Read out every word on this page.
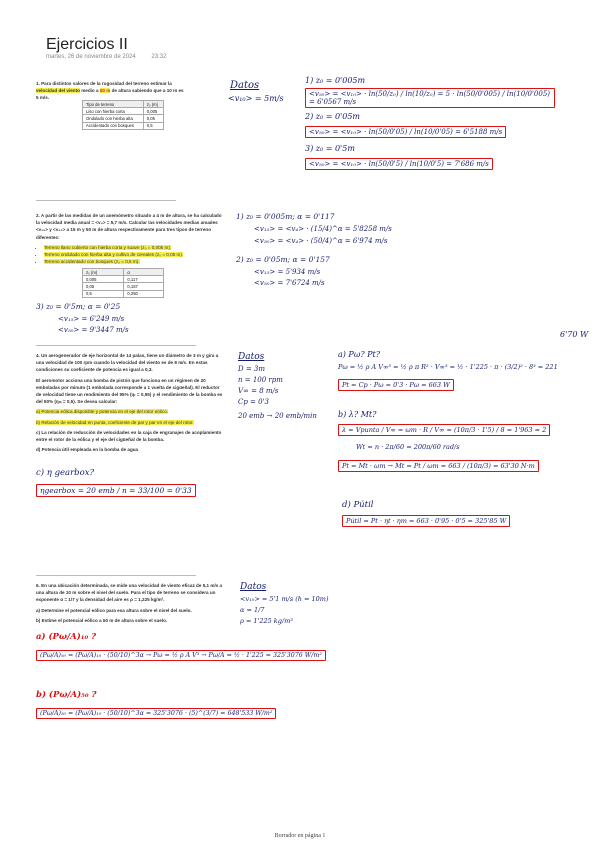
Ejercicios II
martes, 26 de noviembre de 2024	23:32

1. Para distintos valores de la rugosidad del terreno estimar la velocidad del viento medio a 50 m de altura sabiendo que a 10 m es 5 m/s.

Tipo de terreno	z₀ (m)
Liso con hierba corta	0,005
Ondulado con hierba alta	0,05
Accidentado con bosques	0,5
Datos
<v₁₀> = 5m/s
1) z₀ = 0'005m
<v₅₀> = <v₁₀> · ln(50/z₀) / ln(10/z₀) = 5 · ln(50/0'005) / ln(10/0'005) = 6'0567 m/s
2) z₀ = 0'05m
<v₅₀> = <v₁₀> · ln(50/0'05) / ln(10/0'05) = 6'5188 m/s
3) z₀ = 0'5m
<v₅₀> = <v₁₀> · ln(50/0'5) / ln(10/0'5) = 7'686 m/s

2. A partir de las medidas de un anemómetro situado a 4 m de altura, se ha calculado la velocidad media anual = <v₄> = 5,7 m/s. Calcular las velocidades medias anuales <v₁₅> y <v₄₀> a 15 m y 50 m de altura respectivamente para tres tipos de terreno diferentes:

• Terreno llano cubierto con hierba corta y suave (z₀ = 0,005 m).
• Terreno ondulado con hierba alta y cultivo de cereales (z₀ = 0,05 m).
• Terreno accidentado con bosques (z₀ = 0,5 m).
z₀ (m)	α
0,005	0,117
0,05	0,157
0,5	0,250
1) z₀ = 0'005m; α = 0'117
<v₁₅> = <v₄> · (15/4)^α = 5'8258 m/s
<v₅₀> = <v₄> · (50/4)^α = 6'974 m/s
2) z₀ = 0'05m; α = 0'157
<v₁₅> = 5'934 m/s
<v₅₀> = 7'6724 m/s
3) z₀ = 0'5m; α = 0'25
<v₁₅> = 6'249 m/s
<v₅₀> = 9'3447 m/s	6'70 W

4. Un aerogenerador de eje horizontal de 14 palas, tiene un diámetro de 3 m y gira a una velocidad de 100 rpm cuando la velocidad del viento es de 8 m/s. En estas condiciones su coeficiente de potencia es igual a 0,3.

El aeromotor acciona una bomba de pistón que funciona en un régimen de 20 emboladas por minuto (1 embolada corresponde a 1 vuelta de cigüeñal). El reductor de velocidad tiene un rendimiento del 95% (ηₜ = 0,95) y el rendimiento de la bomba es del 50% (ηₘ = 0,5). Se desea calcular:

a) Potencia eólica disponible y potencia en el eje del rotor eólico.

b) Relación de velocidad en punta, coeficiente de par y par en el eje del rotor.

c) La relación de reducción de velocidades en la caja de engranajes de acoplamiento entre el rotor de la eólica y el eje del cigüeñal de la bomba.

d) Potencia útil empleada en la bomba de agua

Datos
D = 3m
n = 100 rpm
V∞ = 8 m/s
Cp = 0'3
20 emb → 20 emb/min
a) Pω? Pt?
Pω = ½ ρ A V∞³ = ½ ρ π R² · V∞³ = ½ · 1'225 · π · (3/2)² · 8³ = 221
Pt = Cp · Pω = 0'3 · Pω = 663 W
b) λ? Mt?
λ = Vpunta / V∞ = ωm · R / V∞ = (10π/3 · 1'5) / 8 = 1'963 ≈ 2
Wt = n · 2π/60 = 200π/60 rad/s
Pt = Mt · ωm → Mt = Pt / ωm = 663 / (10π/3) = 63'30 N·m
c) η gearbox?
ηgearbox = 20 emb / n = 33/100 = 0'33
d) Pútil
Pútil = Pt · ηt · ηm = 663 · 0'95 · 0'5 = 325'85 W

6. En una ubicación determinada, se mide una velocidad de viento eficaz de 5,1 m/s a una altura de 10 m sobre el nivel del suelo. Para el tipo de terreno se considera un exponente α = 1/7 y la densidad del aire es ρ = 1,225 kg/m³.

a) Determine el potencial eólico para esa altura sobre el nivel del suelo.

b) Estime el potencial eólico a 50 m de altura sobre el suelo.

Datos
<v₁₀> = 5'1 m/s (h = 10m)
α = 1/7
ρ = 1'225 kg/m³
a) (Pω/A)₁₀ ?
(Pω/A)₅₀ = (Pω/A)₁₀ · (50/10)^3α → Pω = ½ ρ A V³ → Pω/A = ½ · 1'225 = 325'3076 W/m²
b) (Pω/A)₅₀ ?
(Pω/A)₅₀ = (Pω/A)₁₀ · (50/10)^3α = 325'3076 · (5)^(3/7) = 648'533 W/m²
Borrador en página 1
